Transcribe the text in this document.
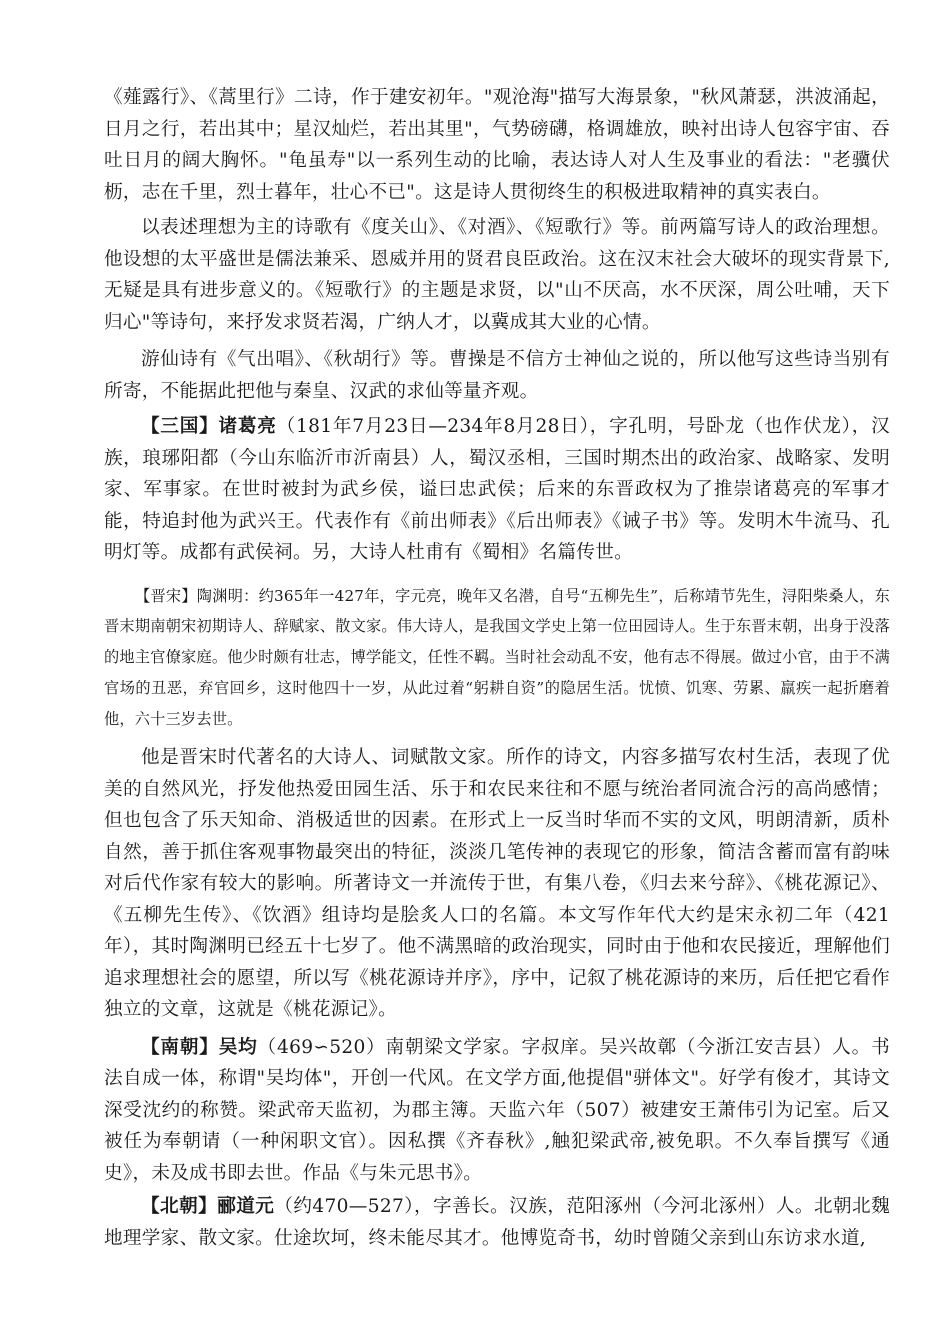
《薤露行》、《蒿里行》二诗，作于建安初年。"观沧海"描写大海景象，"秋风萧瑟，洪波涌起，日月之行，若出其中；星汉灿烂，若出其里"，气势磅礴，格调雄放，映衬出诗人包容宇宙、吞吐日月的阔大胸怀。"龟虽寿"以一系列生动的比喻，表达诗人对人生及事业的看法："老骥伏枥，志在千里，烈士暮年，壮心不已"。这是诗人贯彻终生的积极进取精神的真实表白。

以表述理想为主的诗歌有《度关山》、《对酒》、《短歌行》等。前两篇写诗人的政治理想。他设想的太平盛世是儒法兼采、恩威并用的贤君良臣政治。这在汉末社会大破坏的现实背景下,无疑是具有进步意义的。《短歌行》的主题是求贤，以"山不厌高，水不厌深，周公吐哺，天下归心"等诗句，来抒发求贤若渴，广纳人才，以冀成其大业的心情。

游仙诗有《气出唱》、《秋胡行》等。曹操是不信方士神仙之说的，所以他写这些诗当别有所寄，不能据此把他与秦皇、汉武的求仙等量齐观。

【三国】诸葛亮（181年7月23日—234年8月28日），字孔明，号卧龙（也作伏龙），汉族，琅琊阳都（今山东临沂市沂南县）人，蜀汉丞相，三国时期杰出的政治家、战略家、发明家、军事家。在世时被封为武乡侯，谥曰忠武侯；后来的东晋政权为了推崇诸葛亮的军事才能，特追封他为武兴王。代表作有《前出师表》《后出师表》《诫子书》等。发明木牛流马、孔明灯等。成都有武侯祠。另，大诗人杜甫有《蜀相》名篇传世。

【晋宋】陶渊明：约365年一427年，字元亮，晚年又名潜，自号“五柳先生”，后称靖节先生，浔阳柴桑人，东晋末期南朝宋初期诗人、辞赋家、散文家。伟大诗人，是我国文学史上第一位田园诗人。生于东晋末朝，出身于没落的地主官僚家庭。他少时颇有壮志，博学能文，任性不羁。当时社会动乱不安，他有志不得展。做过小官，由于不满官场的丑恶，弃官回乡，这时他四十一岁，从此过着“躬耕自资”的隐居生活。忧愤、饥寒、劳累、羸疾一起折磨着他，六十三岁去世。

他是晋宋时代著名的大诗人、词赋散文家。所作的诗文，内容多描写农村生活，表现了优美的自然风光，抒发他热爱田园生活、乐于和农民来往和不愿与统治者同流合污的高尚感情；但也包含了乐天知命、消极适世的因素。在形式上一反当时华而不实的文风，明朗清新，质朴自然，善于抓住客观事物最突出的特征，淡淡几笔传神的表现它的形象，简洁含蓄而富有韵味对后代作家有较大的影响。所著诗文一并流传于世，有集八卷，《归去来兮辞》、《桃花源记》、《五柳先生传》、《饮酒》组诗均是脍炙人口的名篇。本文写作年代大约是宋永初二年（421年），其时陶渊明已经五十七岁了。他不满黑暗的政治现实，同时由于他和农民接近，理解他们追求理想社会的愿望，所以写《桃花源诗并序》，序中，记叙了桃花源诗的来历，后任把它看作独立的文章，这就是《桃花源记》。

【南朝】吴均（469∽520）南朝梁文学家。字叔庠。吴兴故鄣（今浙江安吉县）人。书法自成一体，称谓"吴均体"，开创一代风。在文学方面,他提倡"骈体文"。好学有俊才，其诗文深受沈约的称赞。梁武帝天监初，为郡主簿。天监六年（507）被建安王萧伟引为记室。后又被任为奉朝请（一种闲职文官）。因私撰《齐春秋》,触犯梁武帝,被免职。不久奉旨撰写《通史》，未及成书即去世。作品《与朱元思书》。

【北朝】郦道元（约470—527），字善长。汉族，范阳涿州（今河北涿州）人。北朝北魏地理学家、散文家。仕途坎坷，终未能尽其才。他博览奇书，幼时曾随父亲到山东访求水道,
